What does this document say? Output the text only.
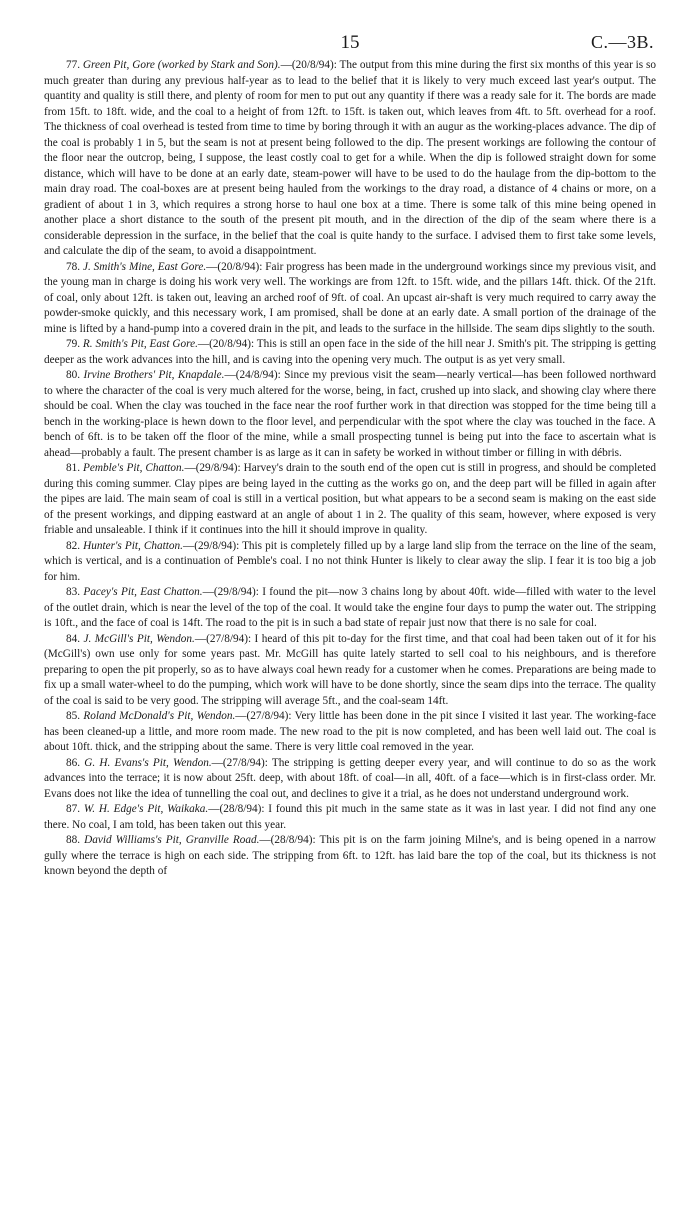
15	C.—3B.

77. Green Pit, Gore (worked by Stark and Son).—(20/8/94): The output from this mine during the first six months of this year is so much greater than during any previous half-year as to lead to the belief that it is likely to very much exceed last year's output. The quantity and quality is still there, and plenty of room for men to put out any quantity if there was a ready sale for it. The bords are made from 15ft. to 18ft. wide, and the coal to a height of from 12ft. to 15ft. is taken out, which leaves from 4ft. to 5ft. overhead for a roof. The thickness of coal overhead is tested from time to time by boring through it with an augur as the working-places advance. The dip of the coal is probably 1 in 5, but the seam is not at present being followed to the dip. The present workings are following the contour of the floor near the outcrop, being, I suppose, the least costly coal to get for a while. When the dip is followed straight down for some distance, which will have to be done at an early date, steam-power will have to be used to do the haulage from the dip-bottom to the main dray road. The coal-boxes are at present being hauled from the workings to the dray road, a distance of 4 chains or more, on a gradient of about 1 in 3, which requires a strong horse to haul one box at a time. There is some talk of this mine being opened in another place a short distance to the south of the present pit mouth, and in the direction of the dip of the seam where there is a considerable depression in the surface, in the belief that the coal is quite handy to the surface. I advised them to first take some levels, and calculate the dip of the seam, to avoid a disappointment.

78. J. Smith's Mine, East Gore.—(20/8/94): Fair progress has been made in the underground workings since my previous visit, and the young man in charge is doing his work very well. The workings are from 12ft. to 15ft. wide, and the pillars 14ft. thick. Of the 21ft. of coal, only about 12ft. is taken out, leaving an arched roof of 9ft. of coal. An upcast air-shaft is very much required to carry away the powder-smoke quickly, and this necessary work, I am promised, shall be done at an early date. A small portion of the drainage of the mine is lifted by a hand-pump into a covered drain in the pit, and leads to the surface in the hillside. The seam dips slightly to the south.

79. R. Smith's Pit, East Gore.—(20/8/94): This is still an open face in the side of the hill near J. Smith's pit. The stripping is getting deeper as the work advances into the hill, and is caving into the opening very much. The output is as yet very small.

80. Irvine Brothers' Pit, Knapdale.—(24/8/94): Since my previous visit the seam—nearly vertical—has been followed northward to where the character of the coal is very much altered for the worse, being, in fact, crushed up into slack, and showing clay where there should be coal. When the clay was touched in the face near the roof further work in that direction was stopped for the time being till a bench in the working-place is hewn down to the floor level, and perpendicular with the spot where the clay was touched in the face. A bench of 6ft. is to be taken off the floor of the mine, while a small prospecting tunnel is being put into the face to ascertain what is ahead—probably a fault. The present chamber is as large as it can in safety be worked in without timber or filling in with débris.

81. Pemble's Pit, Chatton.—(29/8/94): Harvey's drain to the south end of the open cut is still in progress, and should be completed during this coming summer. Clay pipes are being layed in the cutting as the works go on, and the deep part will be filled in again after the pipes are laid. The main seam of coal is still in a vertical position, but what appears to be a second seam is making on the east side of the present workings, and dipping eastward at an angle of about 1 in 2. The quality of this seam, however, where exposed is very friable and unsaleable. I think if it continues into the hill it should improve in quality.

82. Hunter's Pit, Chatton.—(29/8/94): This pit is completely filled up by a large land slip from the terrace on the line of the seam, which is vertical, and is a continuation of Pemble's coal. I no not think Hunter is likely to clear away the slip. I fear it is too big a job for him.

83. Pacey's Pit, East Chatton.—(29/8/94): I found the pit—now 3 chains long by about 40ft. wide—filled with water to the level of the outlet drain, which is near the level of the top of the coal. It would take the engine four days to pump the water out. The stripping is 10ft., and the face of coal is 14ft. The road to the pit is in such a bad state of repair just now that there is no sale for coal.

84. J. McGill's Pit, Wendon.—(27/8/94): I heard of this pit to-day for the first time, and that coal had been taken out of it for his (McGill's) own use only for some years past. Mr. McGill has quite lately started to sell coal to his neighbours, and is therefore preparing to open the pit properly, so as to have always coal hewn ready for a customer when he comes. Preparations are being made to fix up a small water-wheel to do the pumping, which work will have to be done shortly, since the seam dips into the terrace. The quality of the coal is said to be very good. The stripping will average 5ft., and the coal-seam 14ft.

85. Roland McDonald's Pit, Wendon.—(27/8/94): Very little has been done in the pit since I visited it last year. The working-face has been cleaned-up a little, and more room made. The new road to the pit is now completed, and has been well laid out. The coal is about 10ft. thick, and the stripping about the same. There is very little coal removed in the year.

86. G. H. Evans's Pit, Wendon.—(27/8/94): The stripping is getting deeper every year, and will continue to do so as the work advances into the terrace; it is now about 25ft. deep, with about 18ft. of coal—in all, 40ft. of a face—which is in first-class order. Mr. Evans does not like the idea of tunnelling the coal out, and declines to give it a trial, as he does not understand underground work.

87. W. H. Edge's Pit, Waikaka.—(28/8/94): I found this pit much in the same state as it was in last year. I did not find any one there. No coal, I am told, has been taken out this year.

88. David Williams's Pit, Granville Road.—(28/8/94): This pit is on the farm joining Milne's, and is being opened in a narrow gully where the terrace is high on each side. The stripping from 6ft. to 12ft. has laid bare the top of the coal, but its thickness is not known beyond the depth of
